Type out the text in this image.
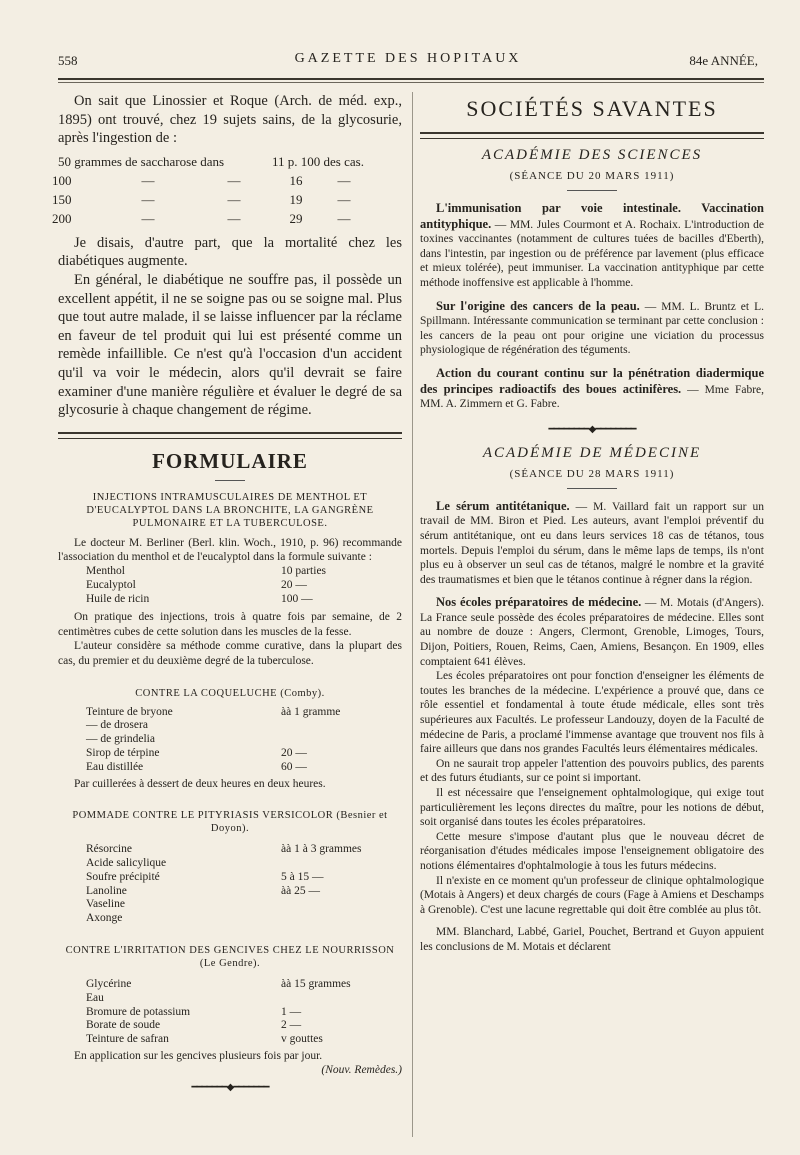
558	GAZETTE DES HOPITAUX	84e ANNÉE,

On sait que Linossier et Roque (Arch. de méd. exp., 1895) ont trouvé, chez 19 sujets sains, de la glycosurie, après l'ingestion de :

50 grammes de saccharose dans	11 p. 100 des cas.
100	—	—	16	—
150	—	—	19	—
200	—	—	29	—

Je disais, d'autre part, que la mortalité chez les diabétiques augmente.

En général, le diabétique ne souffre pas, il possède un excellent appétit, il ne se soigne pas ou se soigne mal. Plus que tout autre malade, il se laisse influencer par la réclame en faveur de tel produit qui lui est présenté comme un remède infaillible. Ce n'est qu'à l'occasion d'un accident qu'il va voir le médecin, alors qu'il devrait se faire examiner d'une manière régulière et évaluer le degré de sa glycosurie à chaque changement de régime.

FORMULAIRE

INJECTIONS INTRAMUSCULAIRES DE MENTHOL ET D'EUCALYPTOL DANS LA BRONCHITE, LA GANGRÈNE PULMONAIRE ET LA TUBERCULOSE.

Le docteur M. Berliner (Berl. klin. Woch., 1910, p. 96) recommande l'association du menthol et de l'eucalyptol dans la formule suivante :

Menthol	10 parties
Eucalyptol	20 —
Huile de ricin	100 —

On pratique des injections, trois à quatre fois par semaine, de 2 centimètres cubes de cette solution dans les muscles de la fesse.

L'auteur considère sa méthode comme curative, dans la plupart des cas, du premier et du deuxième degré de la tuberculose.

CONTRE LA COQUELUCHE (Comby).

Teinture de bryone	àà 1 gramme
— de drosera
— de grindelia
Sirop de térpine	20 —
Eau distillée	60 —

Par cuillerées à dessert de deux heures en deux heures.

POMMADE CONTRE LE PITYRIASIS VERSICOLOR (Besnier et Doyon).

Résorcine	àà 1 à 3 grammes
Acide salicylique
Soufre précipité	5 à 15 —
Lanoline	àà 25 —
Vaseline
Axonge

CONTRE L'IRRITATION DES GENCIVES CHEZ LE NOURRISSON (Le Gendre).

Glycérine	àà 15 grammes
Eau
Bromure de potassium	1 —
Borate de soude	2 —
Teinture de safran	v gouttes

En application sur les gencives plusieurs fois par jour.

(Nouv. Remèdes.)

━━━━━━━◆━━━━━━━
SOCIÉTÉS SAVANTES
ACADÉMIE DES SCIENCES
(SÉANCE DU 20 MARS 1911)

L'immunisation par voie intestinale. Vaccination antityphique. — MM. Jules Courmont et A. Rochaix. L'introduction de toxines vaccinantes (notamment de cultures tuées de bacilles d'Eberth), dans l'intestin, par ingestion ou de préférence par lavement (plus efficace et mieux tolérée), peut immuniser. La vaccination antityphique par cette méthode inoffensive est applicable à l'homme.

Sur l'origine des cancers de la peau. — MM. L. Bruntz et L. Spillmann. Intéressante communication se terminant par cette conclusion : les cancers de la peau ont pour origine une viciation du processus physiologique de régénération des téguments.

Action du courant continu sur la pénétration diadermique des principes radioactifs des boues actinifères. — Mme Fabre, MM. A. Zimmern et G. Fabre.

━━━━━━━━◆━━━━━━━━
ACADÉMIE DE MÉDECINE
(SÉANCE DU 28 MARS 1911)

Le sérum antitétanique. — M. Vaillard fait un rapport sur un travail de MM. Biron et Pied. Les auteurs, avant l'emploi préventif du sérum antitétanique, ont eu dans leurs services 18 cas de tétanos, tous mortels. Depuis l'emploi du sérum, dans le même laps de temps, ils n'ont plus eu à observer un seul cas de tétanos, malgré le nombre et la gravité des traumatismes et bien que le tétanos continue à régner dans la région.

Nos écoles préparatoires de médecine. — M. Motais (d'Angers). La France seule possède des écoles préparatoires de médecine. Elles sont au nombre de douze : Angers, Clermont, Grenoble, Limoges, Tours, Dijon, Poitiers, Rouen, Reims, Caen, Amiens, Besançon. En 1909, elles comptaient 641 élèves.

Les écoles préparatoires ont pour fonction d'enseigner les éléments de toutes les branches de la médecine. L'expérience a prouvé que, dans ce rôle essentiel et fondamental à toute étude médicale, elles sont très supérieures aux Facultés. Le professeur Landouzy, doyen de la Faculté de médecine de Paris, a proclamé l'immense avantage que trouvent nos fils à faire ailleurs que dans nos grandes Facultés leurs élémentaires médicales.

On ne saurait trop appeler l'attention des pouvoirs publics, des parents et des futurs étudiants, sur ce point si important.

Il est nécessaire que l'enseignement ophtalmologique, qui exige tout particulièrement les leçons directes du maître, pour les notions de début, soit organisé dans toutes les écoles préparatoires.

Cette mesure s'impose d'autant plus que le nouveau décret de réorganisation d'études médicales impose l'enseignement obligatoire des notions élémentaires d'ophtalmologie à tous les futurs médecins.

Il n'existe en ce moment qu'un professeur de clinique ophtalmologique (Motais à Angers) et deux chargés de cours (Fage à Amiens et Deschamps à Grenoble). C'est une lacune regrettable qui doit être comblée au plus tôt.

MM. Blanchard, Labbé, Gariel, Pouchet, Bertrand et Guyon appuient les conclusions de M. Motais et déclarent
